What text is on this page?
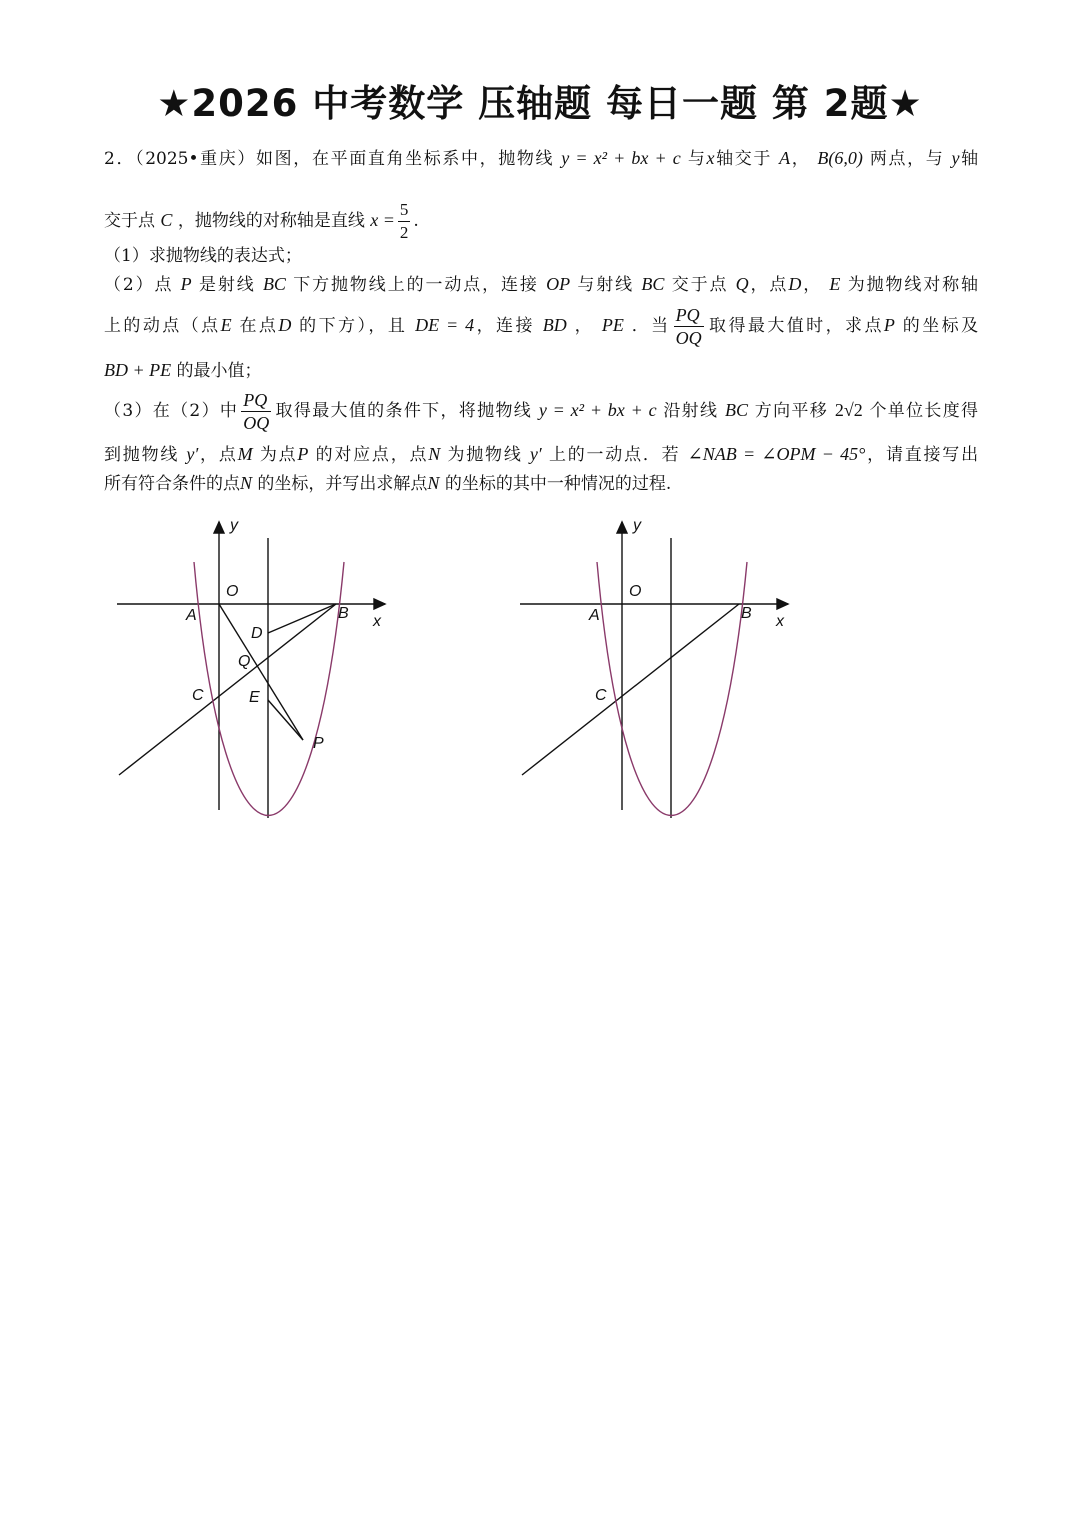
★2026 中考数学 压轴题 每日一题 第 2题★
2．（2025•重庆）如图，在平面直角坐标系中，抛物线 y = x² + bx + c 与x轴交于 A， B(6,0) 两点，与 y轴
交于点 C ，抛物线的对称轴是直线 $x = \frac{5}{2}$ .
（1）求抛物线的表达式；
（2）点 P 是射线 BC 下方抛物线上的一动点，连接 OP 与射线 BC 交于点 Q，点D， E 为抛物线对称轴
上的动点（点E 在点D 的下方），且 DE = 4，连接 BD ， PE ．当 $\frac{PQ}{OQ}$ 取得最大值时，求点P 的坐标及
BD + PE 的最小值；
（3）在（2）中 $\frac{PQ}{OQ}$ 取得最大值的条件下，将抛物线 y = x² + bx + c 沿射线 BC 方向平移 2√2 个单位长度得
到抛物线 y′，点M 为点P 的对应点，点N 为抛物线 y′ 上的一动点．若 ∠NAB = ∠OPM − 45°，请直接写出
所有符合条件的点N 的坐标，并写出求解点N 的坐标的其中一种情况的过程.
y
x
O
A	B
C
D
Q
E
P
y
x
O
A	B
C
